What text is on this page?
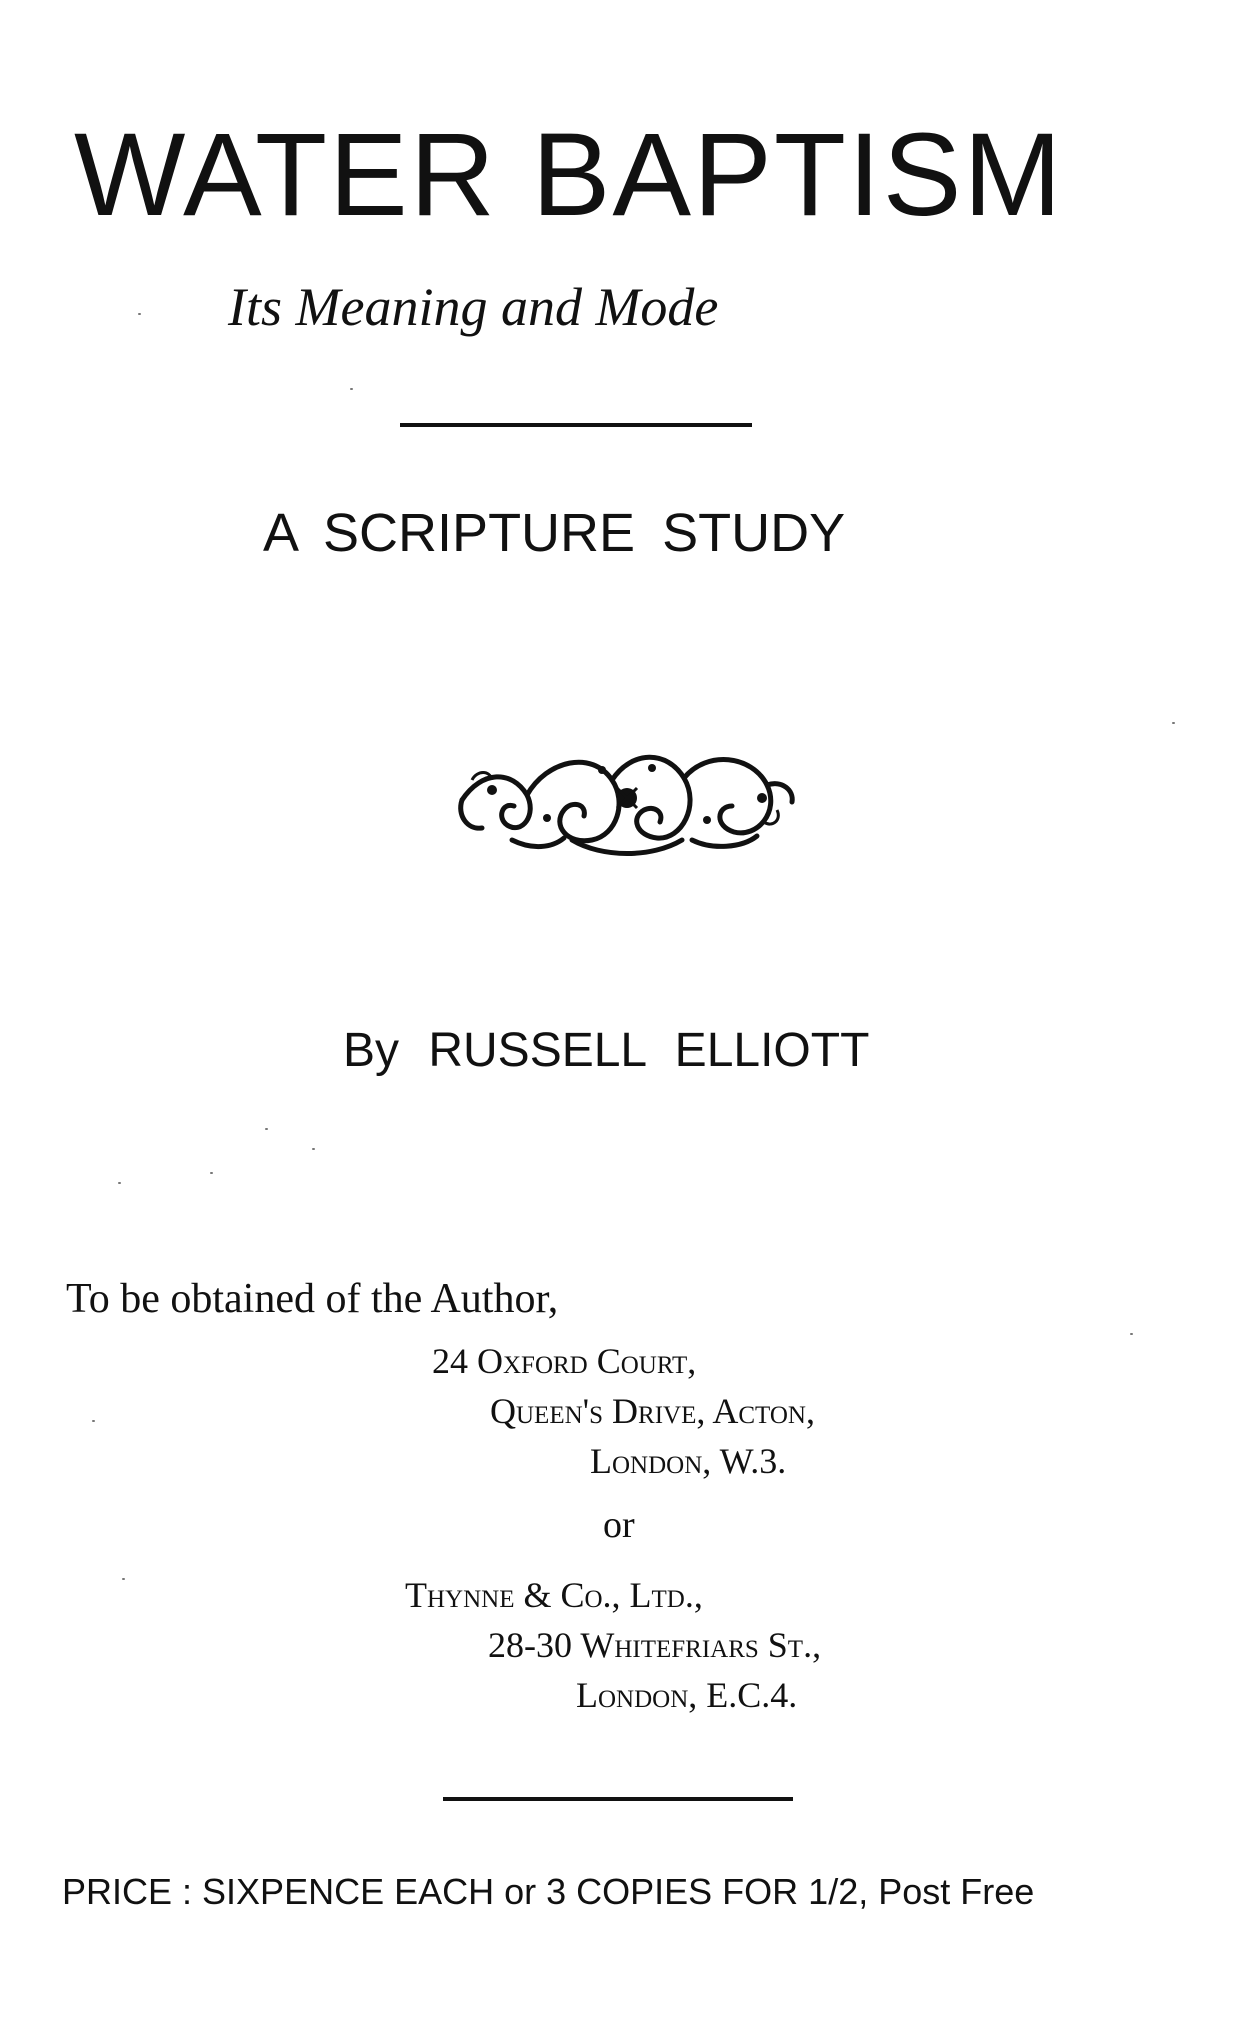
WATER BAPTISM
Its Meaning and Mode
A SCRIPTURE STUDY
By RUSSELL ELLIOTT
To be obtained of the Author,
24 Oxford Court,
Queen's Drive, Acton,
London, W.3.
or
Thynne & Co., Ltd.,
28-30 Whitefriars St.,
London, E.C.4.
PRICE : SIXPENCE EACH or 3 COPIES FOR 1/2, Post Free
